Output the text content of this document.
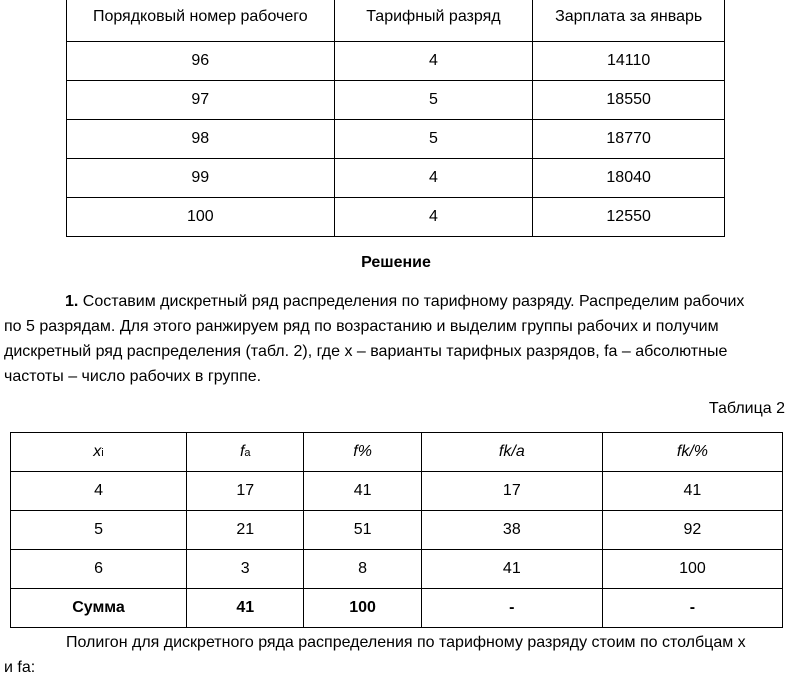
Порядковый номер рабочего	Тарифный разряд	Зарплата за январь
96	4	14110
97	5	18550
98	5	18770
99	4	18040
100	4	12550
Решение
1. Составим дискретный ряд распределения по тарифному разряду. Распределим рабочих
по 5 разрядам. Для этого ранжируем ряд по возрастанию и выделим группы рабочих и получим
дискретный ряд распределения (табл. 2), где x – варианты тарифных разрядов, fa – абсолютные
частоты – число рабочих в группе.
Таблица 2
xi	fa	f%	fk/a	fk/%
4	17	41	17	41
5	21	51	38	92
6	3	8	41	100
Сумма	41	100	-	-
Полигон для дискретного ряда распределения по тарифному разряду стоим по столбцам x
и fa:
